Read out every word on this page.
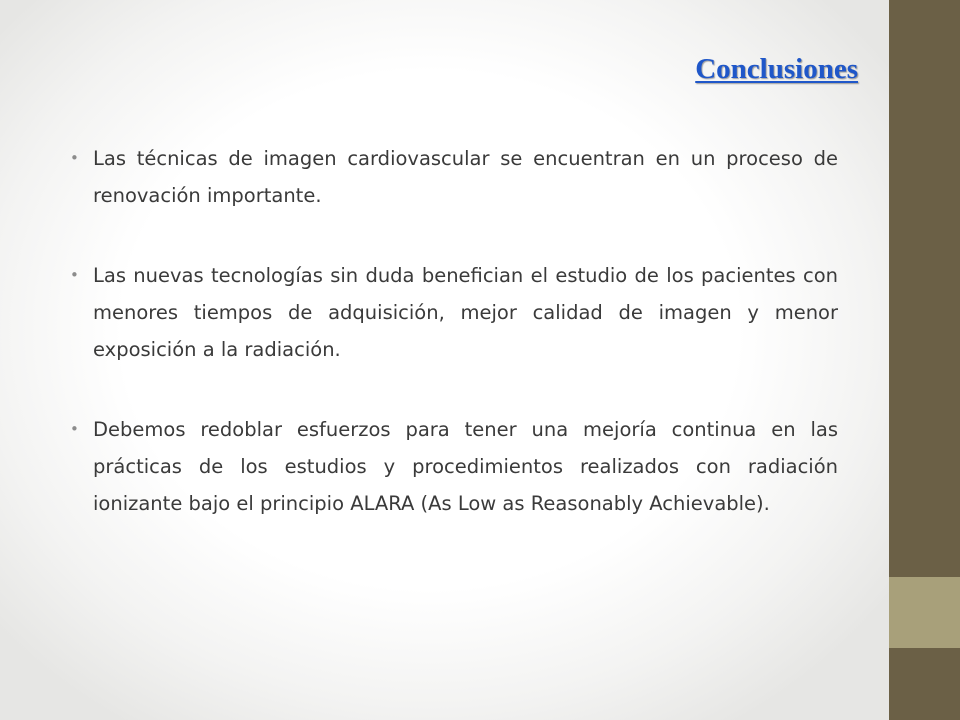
Conclusiones
• Las técnicas de imagen cardiovascular se encuentran en un proceso de renovación importante.
• Las nuevas tecnologías sin duda benefician el estudio de los pacientes con menores tiempos de adquisición, mejor calidad de imagen y menor exposición a la radiación.
• Debemos redoblar esfuerzos para tener una mejoría continua en las prácticas de los estudios y procedimientos realizados con radiación ionizante bajo el principio ALARA (As Low as Reasonably Achievable).
